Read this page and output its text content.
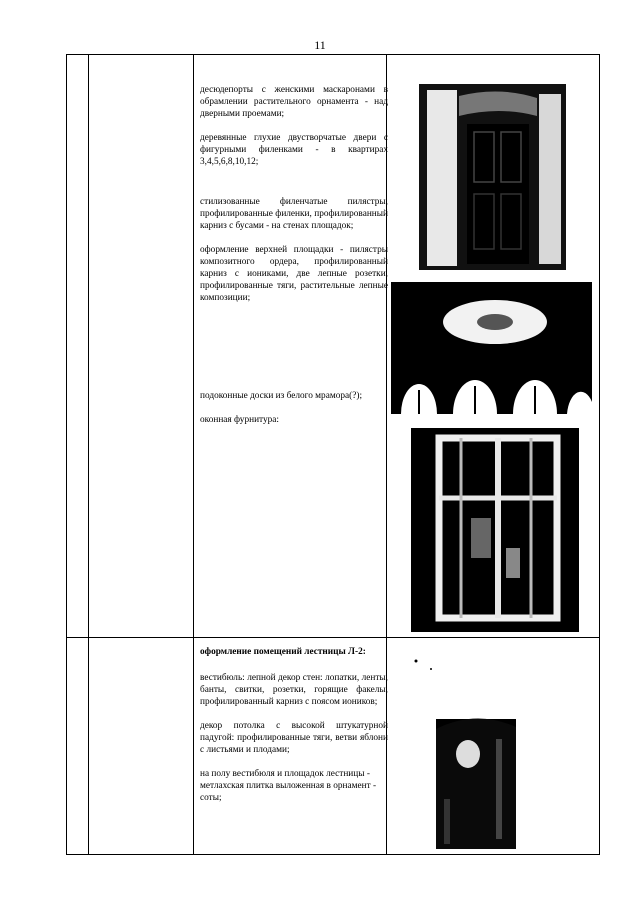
11

десюдепорты с женскими маскаронами в обрамлении растительного орнамента - над дверными проемами;

деревянные глухие двустворчатые двери с фигурными филенками - в квартирах 3,4,5,6,8,10,12;

стилизованные филенчатые пилястры, профилированные филенки, профилированный карниз с бусами - на стенах площадок;

оформление верхней площадки - пилястры композитного ордера, профилированный карниз с иониками, две лепные розетки, профилированные тяги, растительные лепные композиции;

подоконные доски из белого мрамора(?);

оконная фурнитура:

оформление помещений лестницы Л-2:

вестибюль: лепной декор стен: лопатки, ленты, банты, свитки, розетки, горящие факелы, профилированный карниз с поясом иоников;

декор потолка с высокой штукатурной падугой: профилированные тяги, ветви яблони с листьями и плодами;

на полу вестибюля и площадок лестницы - метлахская плитка выложенная в орнамент - соты;
